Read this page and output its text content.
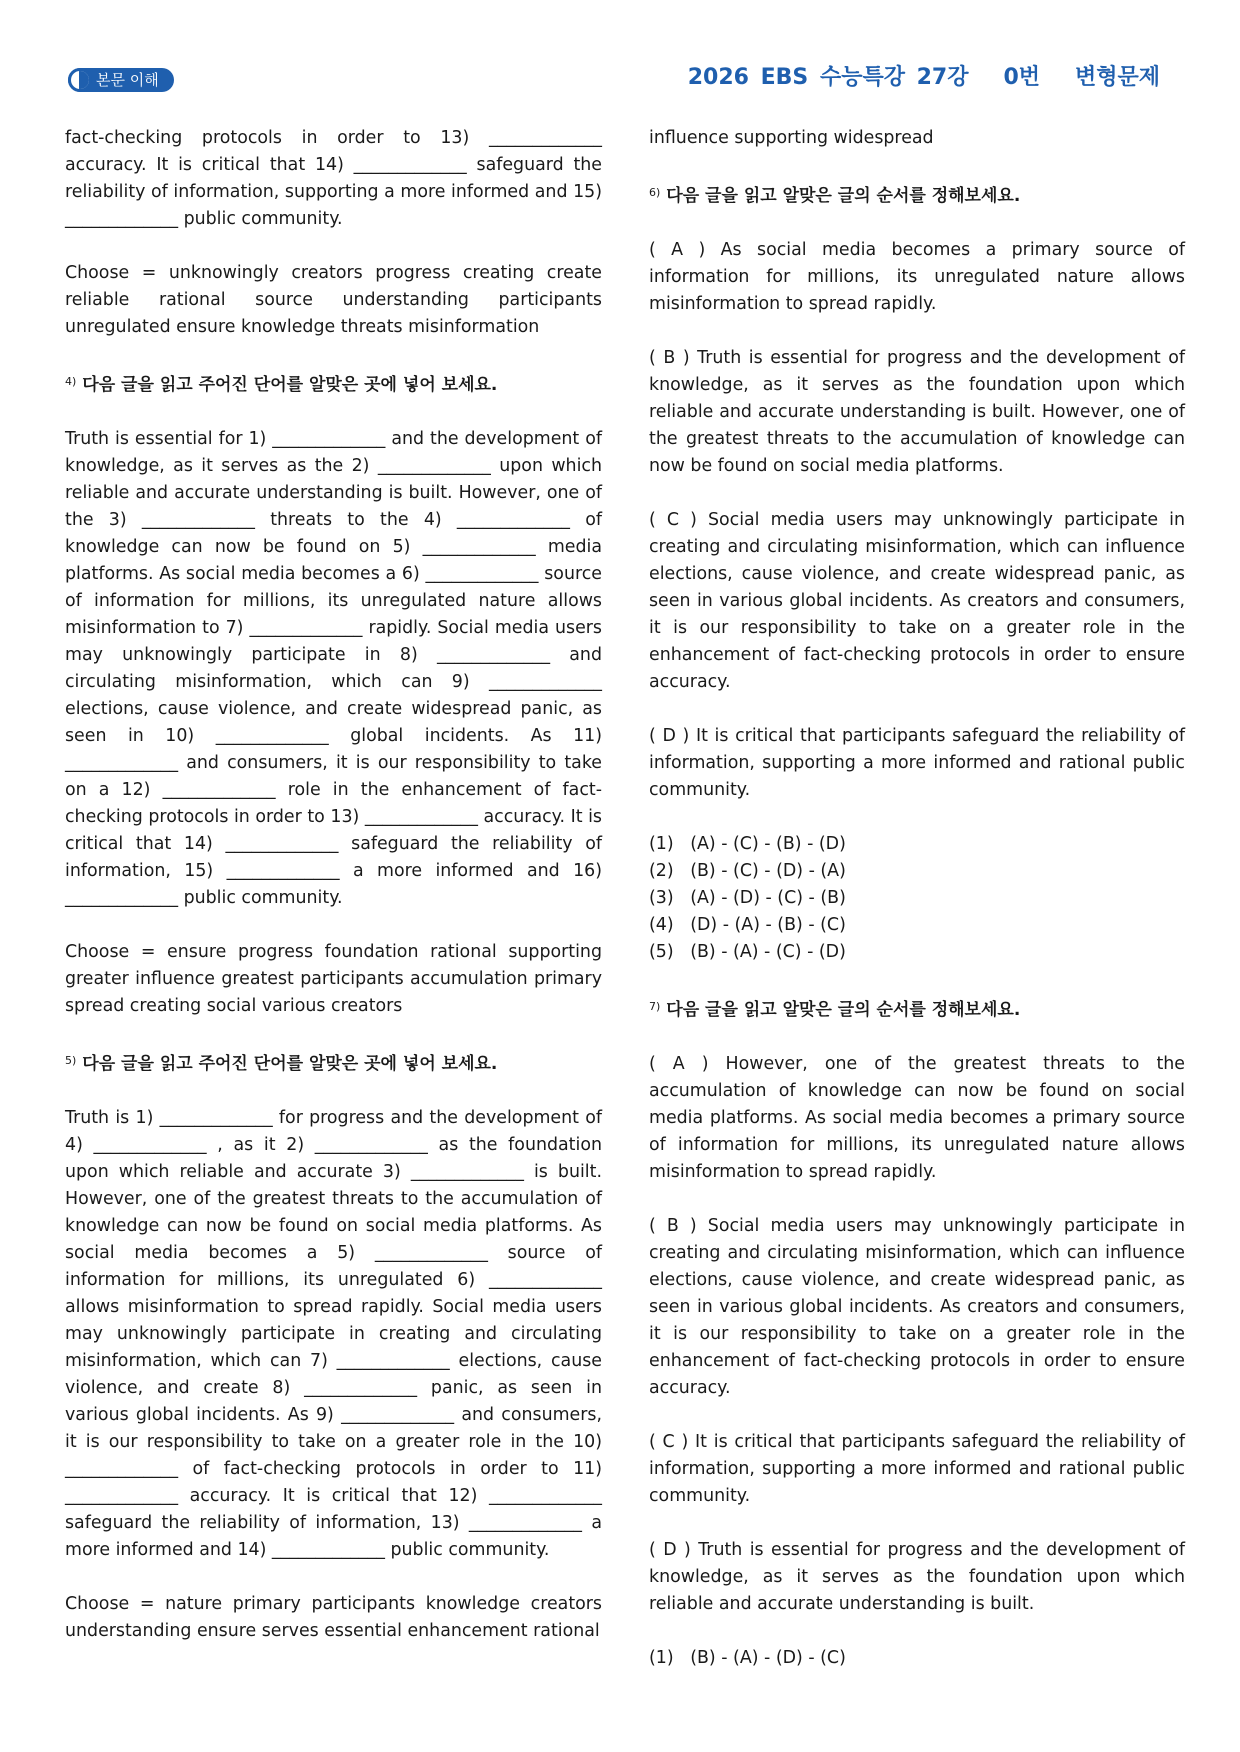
본문 이해	2026 EBS 수능특강 27강   0번   변형문제

fact-checking protocols in order to 13) _____________ accuracy. It is critical that 14) _____________ safeguard the reliability of information, supporting a more informed and 15) _____________ public community.

Choose = unknowingly creators progress creating create reliable rational source understanding participants unregulated ensure knowledge threats misinformation

$^{4)}$ 다음 글을 읽고 주어진 단어를 알맞은 곳에 넣어 보세요.

Truth is essential for 1) _____________ and the development of knowledge, as it serves as the 2) _____________ upon which reliable and accurate understanding is built. However, one of the 3) _____________ threats to the 4) _____________ of knowledge can now be found on 5) _____________ media platforms. As social media becomes a 6) _____________ source of information for millions, its unregulated nature allows misinformation to 7) _____________ rapidly. Social media users may unknowingly participate in 8) _____________ and circulating misinformation, which can 9) _____________ elections, cause violence, and create widespread panic, as seen in 10) _____________ global incidents. As 11) _____________ and consumers, it is our responsibility to take on a 12) _____________ role in the enhancement of fact-checking protocols in order to 13) _____________ accuracy. It is critical that 14) _____________ safeguard the reliability of information, 15) _____________ a more informed and 16) _____________ public community.

Choose = ensure progress foundation rational supporting greater influence greatest participants accumulation primary spread creating social various creators

$^{5)}$ 다음 글을 읽고 주어진 단어를 알맞은 곳에 넣어 보세요.

Truth is 1) _____________ for progress and the development of 4) _____________ , as it 2) _____________ as the foundation upon which reliable and accurate 3) _____________ is built. However, one of the greatest threats to the accumulation of knowledge can now be found on social media platforms. As social media becomes a 5) _____________ source of information for millions, its unregulated 6) _____________ allows misinformation to spread rapidly. Social media users may unknowingly participate in creating and circulating misinformation, which can 7) _____________ elections, cause violence, and create 8) _____________ panic, as seen in various global incidents. As 9) _____________ and consumers, it is our responsibility to take on a greater role in the 10) _____________ of fact-checking protocols in order to 11) _____________ accuracy. It is critical that 12) _____________ safeguard the reliability of information, 13) _____________ a more informed and 14) _____________ public community.

Choose = nature primary participants knowledge creators understanding ensure serves essential enhancement rational

influence supporting widespread

$^{6)}$ 다음 글을 읽고 알맞은 글의 순서를 정해보세요.

( A ) As social media becomes a primary source of information for millions, its unregulated nature allows misinformation to spread rapidly.

( B ) Truth is essential for progress and the development of knowledge, as it serves as the foundation upon which reliable and accurate understanding is built. However, one of the greatest threats to the accumulation of knowledge can now be found on social media platforms.

( C ) Social media users may unknowingly participate in creating and circulating misinformation, which can influence elections, cause violence, and create widespread panic, as seen in various global incidents. As creators and consumers, it is our responsibility to take on a greater role in the enhancement of fact-checking protocols in order to ensure accuracy.

( D ) It is critical that participants safeguard the reliability of information, supporting a more informed and rational public community.

(1)   (A) - (C) - (B) - (D)

(2)   (B) - (C) - (D) - (A)

(3)   (A) - (D) - (C) - (B)

(4)   (D) - (A) - (B) - (C)

(5)   (B) - (A) - (C) - (D)

$^{7)}$ 다음 글을 읽고 알맞은 글의 순서를 정해보세요.

( A ) However, one of the greatest threats to the accumulation of knowledge can now be found on social media platforms. As social media becomes a primary source of information for millions, its unregulated nature allows misinformation to spread rapidly.

( B ) Social media users may unknowingly participate in creating and circulating misinformation, which can influence elections, cause violence, and create widespread panic, as seen in various global incidents. As creators and consumers, it is our responsibility to take on a greater role in the enhancement of fact-checking protocols in order to ensure accuracy.

( C ) It is critical that participants safeguard the reliability of information, supporting a more informed and rational public community.

( D ) Truth is essential for progress and the development of knowledge, as it serves as the foundation upon which reliable and accurate understanding is built.

(1)   (B) - (A) - (D) - (C)
